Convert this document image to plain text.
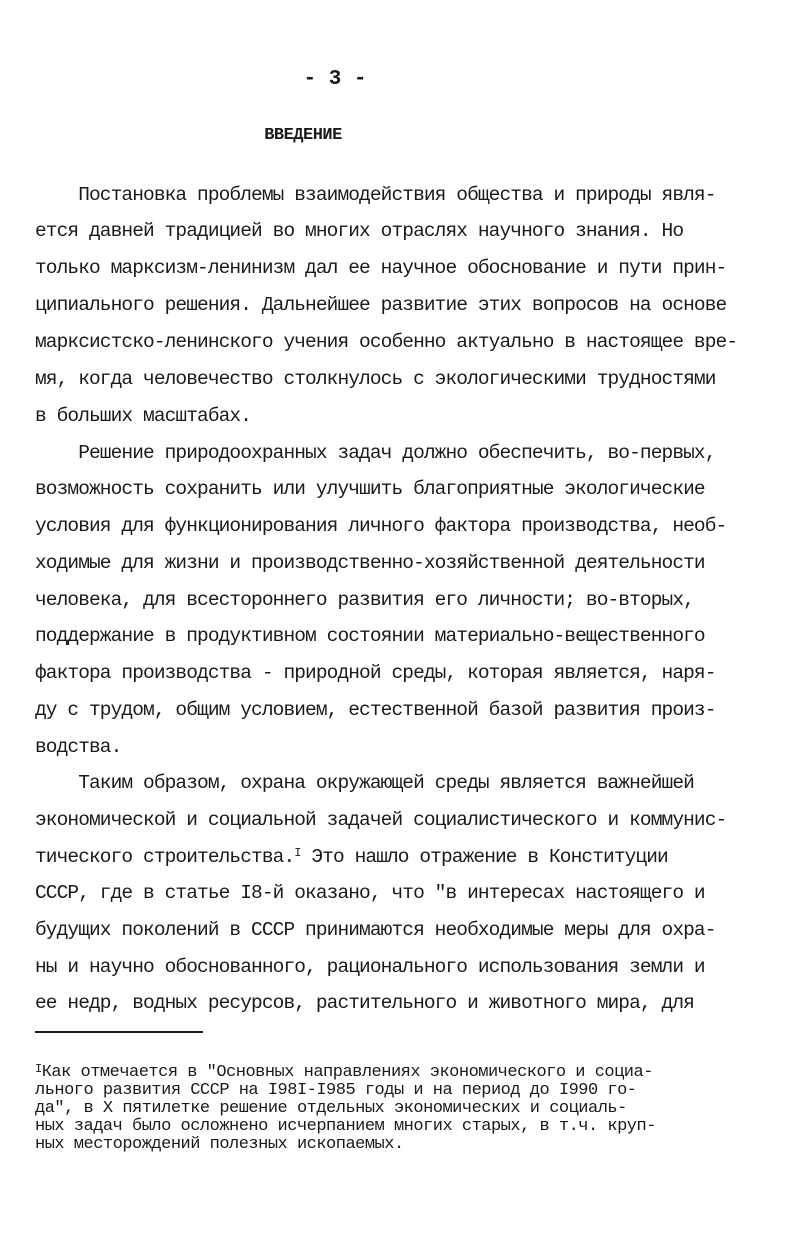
- 3 -
ВВЕДЕНИЕ
Постановка проблемы взаимодействия общества и природы явля-
ется давней традицией во многих отраслях научного знания. Но
только марксизм-ленинизм дал ее научное обоснование и пути прин-
ципиального решения. Дальнейшее развитие этих вопросов на основе
марксистско-ленинского учения особенно актуально в настоящее вре-
мя, когда человечество столкнулось с экологическими трудностями
в больших масштабах.
Решение природоохранных задач должно обеспечить, во-первых,
возможность сохранить или улучшить благоприятные экологические
условия для функционирования личного фактора производства, необ-
ходимые для жизни и производственно-хозяйственной деятельности
человека, для всестороннего развития его личности; во-вторых,
поддержание в продуктивном состоянии материально-вещественного
фактора производства - природной среды, которая является, наря-
ду с трудом, общим условием, естественной базой развития произ-
водства.
Таким образом, охрана окружающей среды является важнейшей
экономической и социальной задачей социалистического и коммунис-
тического строительства.$^I$ Это нашло отражение в Конституции
СССР, где в статье I8-й оказано, что "в интересах настоящего и
будущих поколений в СССР принимаются необходимые меры для охра-
ны и научно обоснованного, рационального использования земли и
ее недр, водных ресурсов, растительного и животного мира, для
$^I$Как отмечается в "Основных направлениях экономического и социа-
льного развития СССР на I98I-I985 годы и на период до I990 го-
да", в X пятилетке решение отдельных экономических и социаль-
ных задач было осложнено исчерпанием многих старых, в т.ч. круп-
ных месторождений полезных ископаемых.
